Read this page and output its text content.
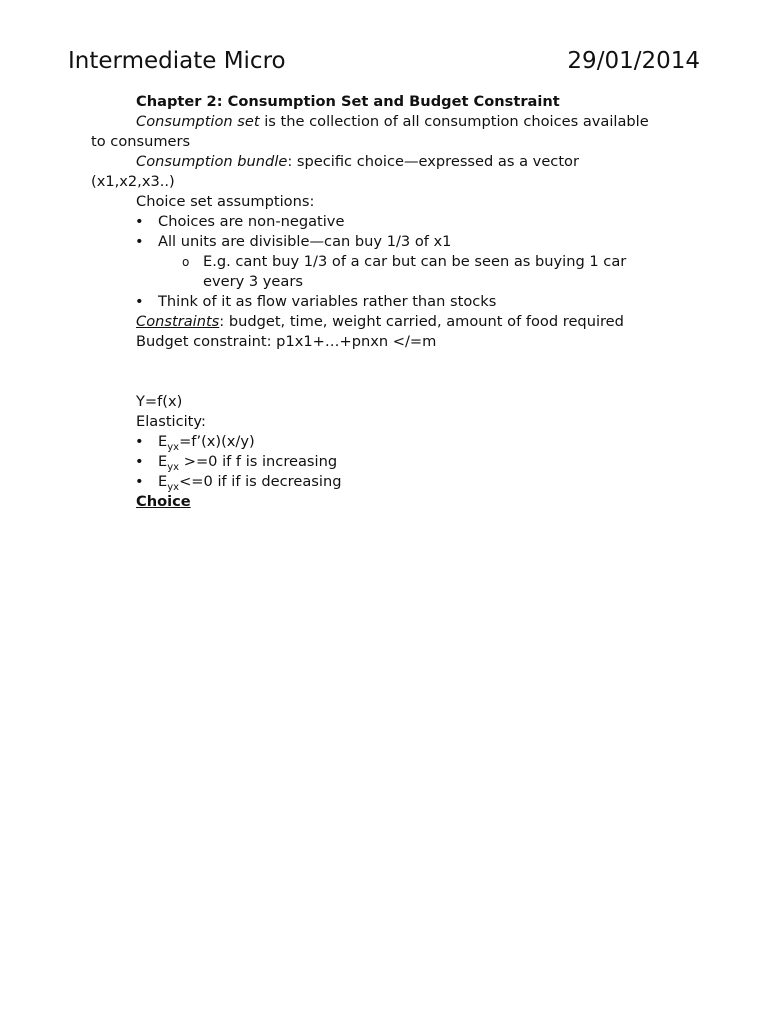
Intermediate Micro	29/01/2014
Chapter 2: Consumption Set and Budget Constraint
Consumption set is the collection of all consumption choices available
to consumers
Consumption bundle: specific choice—expressed as a vector
(x1,x2,x3..)
Choice set assumptions:
• Choices are non-negative
• All units are divisible—can buy 1/3 of x1
o E.g. cant buy 1/3 of a car but can be seen as buying 1 car
every 3 years
• Think of it as flow variables rather than stocks
Constraints: budget, time, weight carried, amount of food required
Budget constraint: p1x1+…+pnxn </=m
Y=f(x)
Elasticity:
• $E_{yx}=f’(x)(x/y)$
• $E_{yx} >=0$ if f is increasing
• $E_{yx}<=0$ if if is decreasing
Choice
